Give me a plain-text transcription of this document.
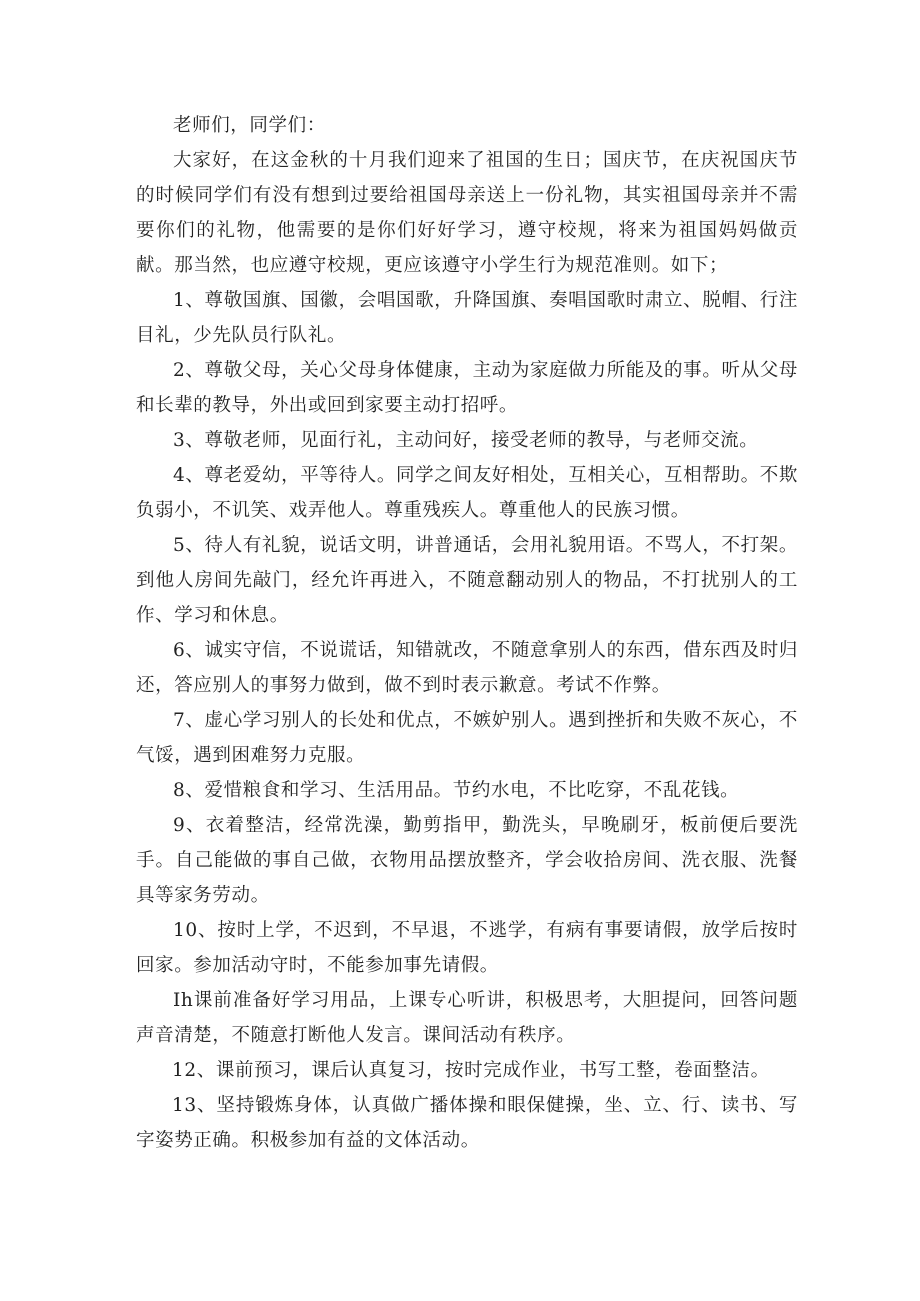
老师们，同学们：

大家好，在这金秋的十月我们迎来了祖国的生日；国庆节，在庆祝国庆节的时候同学们有没有想到过要给祖国母亲送上一份礼物，其实祖国母亲并不需要你们的礼物，他需要的是你们好好学习，遵守校规，将来为祖国妈妈做贡献。那当然，也应遵守校规，更应该遵守小学生行为规范准则。如下；

1、尊敬国旗、国徽，会唱国歌，升降国旗、奏唱国歌时肃立、脱帽、行注目礼，少先队员行队礼。

2、尊敬父母，关心父母身体健康，主动为家庭做力所能及的事。听从父母和长辈的教导，外出或回到家要主动打招呼。

3、尊敬老师，见面行礼，主动问好，接受老师的教导，与老师交流。

4、尊老爱幼，平等待人。同学之间友好相处，互相关心，互相帮助。不欺负弱小，不讥笑、戏弄他人。尊重残疾人。尊重他人的民族习惯。

5、待人有礼貌，说话文明，讲普通话，会用礼貌用语。不骂人，不打架。到他人房间先敲门，经允许再进入，不随意翻动别人的物品，不打扰别人的工作、学习和休息。

6、诚实守信，不说谎话，知错就改，不随意拿别人的东西，借东西及时归还，答应别人的事努力做到，做不到时表示歉意。考试不作弊。

7、虚心学习别人的长处和优点，不嫉妒别人。遇到挫折和失败不灰心，不气馁，遇到困难努力克服。

8、爱惜粮食和学习、生活用品。节约水电，不比吃穿，不乱花钱。

9、衣着整洁，经常洗澡，勤剪指甲，勤洗头，早晚刷牙，板前便后要洗手。自己能做的事自己做，衣物用品摆放整齐，学会收拾房间、洗衣服、洗餐具等家务劳动。

10、按时上学，不迟到，不早退，不逃学，有病有事要请假，放学后按时回家。参加活动守时，不能参加事先请假。

Ih课前准备好学习用品，上课专心听讲，积极思考，大胆提问，回答问题声音清楚，不随意打断他人发言。课间活动有秩序。

12、课前预习，课后认真复习，按时完成作业，书写工整，卷面整洁。

13、坚持锻炼身体，认真做广播体操和眼保健操，坐、立、行、读书、写字姿势正确。积极参加有益的文体活动。
